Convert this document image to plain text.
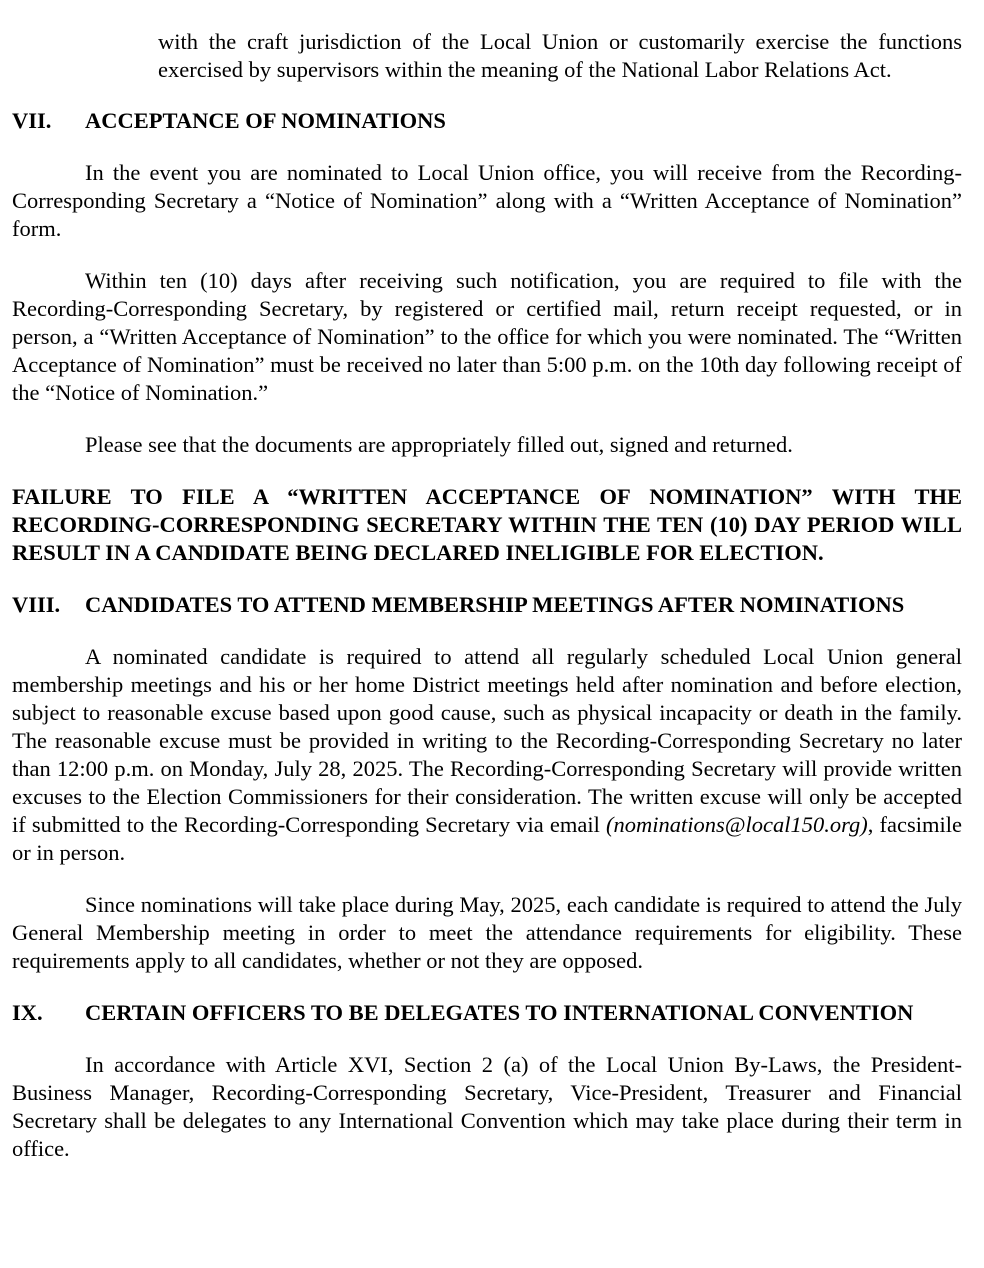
with the craft jurisdiction of the Local Union or customarily exercise the functions exercised by supervisors within the meaning of the National Labor Relations Act.

VII.	ACCEPTANCE OF NOMINATIONS

In the event you are nominated to Local Union office, you will receive from the Recording-Corresponding Secretary a “Notice of Nomination” along with a “Written Acceptance of Nomination” form.

Within ten (10) days after receiving such notification, you are required to file with the Recording-Corresponding Secretary, by registered or certified mail, return receipt requested, or in person, a “Written Acceptance of Nomination” to the office for which you were nominated. The “Written Acceptance of Nomination” must be received no later than 5:00 p.m. on the 10th day following receipt of the “Notice of Nomination.”

Please see that the documents are appropriately filled out, signed and returned.

FAILURE TO FILE A “WRITTEN ACCEPTANCE OF NOMINATION” WITH THE RECORDING-CORRESPONDING SECRETARY WITHIN THE TEN (10) DAY PERIOD WILL RESULT IN A CANDIDATE BEING DECLARED INELIGIBLE FOR ELECTION.

VIII.	CANDIDATES TO ATTEND MEMBERSHIP MEETINGS AFTER NOMINATIONS

A nominated candidate is required to attend all regularly scheduled Local Union general membership meetings and his or her home District meetings held after nomination and before election, subject to reasonable excuse based upon good cause, such as physical incapacity or death in the family. The reasonable excuse must be provided in writing to the Recording-Corresponding Secretary no later than 12:00 p.m. on Monday, July 28, 2025. The Recording-Corresponding Secretary will provide written excuses to the Election Commissioners for their consideration. The written excuse will only be accepted if submitted to the Recording-Corresponding Secretary via email (nominations@local150.org), facsimile or in person.

Since nominations will take place during May, 2025, each candidate is required to attend the July General Membership meeting in order to meet the attendance requirements for eligibility. These requirements apply to all candidates, whether or not they are opposed.

IX.	CERTAIN OFFICERS TO BE DELEGATES TO INTERNATIONAL CONVENTION

In accordance with Article XVI, Section 2 (a) of the Local Union By-Laws, the President-Business Manager, Recording-Corresponding Secretary, Vice-President, Treasurer and Financial Secretary shall be delegates to any International Convention which may take place during their term in office.
